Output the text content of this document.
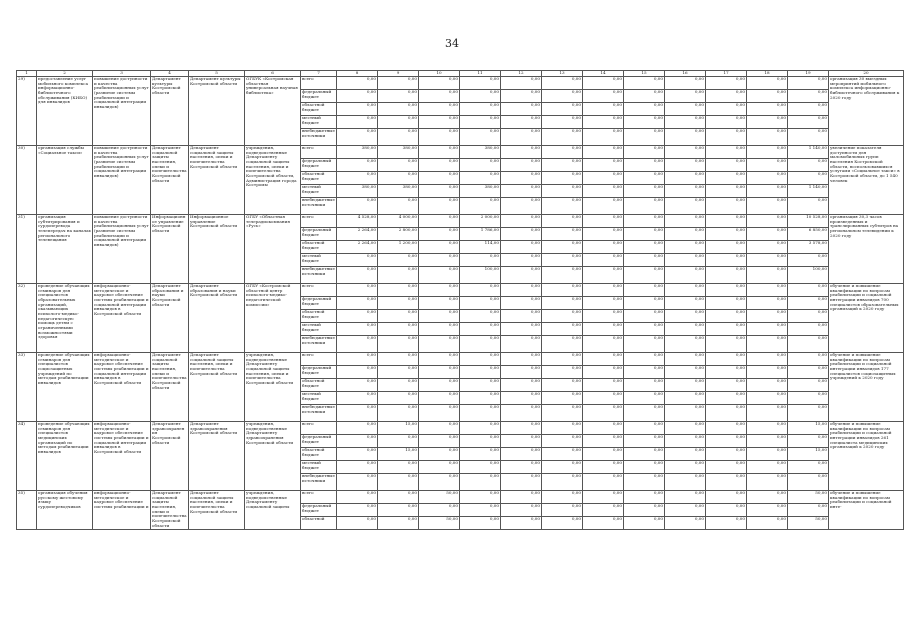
34
1	2	3	4	5	6	7	8	9	10	11	12	13	14	15	16	17	18	19	20
29)	предоставление услуг мобильного комплекса информационно-библиотечного обслуживания (КИБО) для инвалидов	повышение доступности и качества реабилитационных услуг (развитие системы реабилитации и социальной интеграции инвалидов)	Департамент культуры Костромской области	Департамент культуры Костромской области	ОГБУК «Костромская областная универсальная научная библиотека»	всего	0,00	0,00	0,00	0,00	0,00	0,00	0,00	0,00	0,00	0,00	0,00	0,00	организация 30 выездных мероприятий мобильного комплекса информационно-библиотечного обслуживания к 2020 году
						федеральный бюджет	0,00	0,00	0,00	0,00	0,00	0,00	0,00	0,00	0,00	0,00	0,00	0,00	
						областной бюджет	0,00	0,00	0,00	0,00	0,00	0,00	0,00	0,00	0,00	0,00	0,00	0,00	
						местный бюджет	0,00	0,00	0,00	0,00	0,00	0,00	0,00	0,00	0,00	0,00	0,00	0,00	
						внебюджетные источники	0,00	0,00	0,00	0,00	0,00	0,00	0,00	0,00	0,00	0,00	0,00	0,00	
30)	организация службы «Социальное такси»	повышение доступности и качества реабилитационных услуг (развитие системы реабилитации и социальной интеграции инвалидов)	Департамент социальной защиты населения, опеки и попечительства Костромской области	Департамент социальной защиты населения, опеки и попечительства Костромской области	учреждения, подведомственные Департаменту социальной защиты населения, опеки и попечительства Костромской области, Администрация города Костромы	всего	380,00	380,00	0,00	380,00	0,00	0,00	0,00	0,00	0,00	0,00	0,00	1 140,00	увеличение показателя доступности для маломобильных групп населения Костромской области, воспользовавшихся услугами «Социальное такси» в Костромской области, до 1 540 человек
						федеральный бюджет	0,00	0,00	0,00	0,00	0,00	0,00	0,00	0,00	0,00	0,00	0,00	0,00	
						областной бюджет	0,00	0,00	0,00	0,00	0,00	0,00	0,00	0,00	0,00	0,00	0,00	0,00	
						местный бюджет	380,00	380,00	0,00	380,00	0,00	0,00	0,00	0,00	0,00	0,00	0,00	1 140,00	
						внебюджетные источники	0,00	0,00	0,00	0,00	0,00	0,00	0,00	0,00	0,00	0,00	0,00	0,00	
31)	организация субтитрирования и сурдоперевода телепередач на каналах регионального телевещания	повышение доступности и качества реабилитационных услуг (развитие системы реабилитации и социальной интеграции инвалидов)	Информационное управление Костромской области	Информационное управление Костромской области	ОГБУ «Областная телерадиокомпания «Русь»	всего	4 528,00	4 000,00	0,00	2 000,00	0,00	0,00	0,00	0,00	0,00	0,00	0,00	10 528,00	организация 30,3 часов произведенных и транслированных субтитров на региональном телевидении к 2020 году
						федеральный бюджет	2 264,00	2 800,00	0,00	1 786,00	0,00	0,00	0,00	0,00	0,00	0,00	0,00	6 850,00	
						областной бюджет	2 264,00	1 200,00	0,00	114,00	0,00	0,00	0,00	0,00	0,00	0,00	0,00	3 578,00	
						местный бюджет	0,00	0,00	0,00	0,00	0,00	0,00	0,00	0,00	0,00	0,00	0,00	0,00	
						внебюджетные источники	0,00	0,00	0,00	100,00	0,00	0,00	0,00	0,00	0,00	0,00	0,00	100,00	
32)	проведение обучающих семинаров для специалистов образовательных организаций, оказывающих психолого-медико-педагогическую помощь детям с ограниченными возможностями здоровья	информационно-методическое и кадровое обеспечение системы реабилитации и социальной интеграции инвалидов в Костромской области	Департамент образования и науки Костромской области	Департамент образования и науки Костромской области	ОГБУ «Костромской областной центр психолого-медико-педагогической комиссии»	всего	0,00	0,00	0,00	0,00	0,00	0,00	0,00	0,00	0,00	0,00	0,00	0,00	обучение и повышение квалификации по вопросам реабилитации и социальной интеграции инвалидов 700 специалистов образовательных организаций к 2020 году
						федеральный бюджет	0,00	0,00	0,00	0,00	0,00	0,00	0,00	0,00	0,00	0,00	0,00	0,00	
						областной бюджет	0,00	0,00	0,00	0,00	0,00	0,00	0,00	0,00	0,00	0,00	0,00	0,00	
						местный бюджет	0,00	0,00	0,00	0,00	0,00	0,00	0,00	0,00	0,00	0,00	0,00	0,00	
						внебюджетные источники	0,00	0,00	0,00	0,00	0,00	0,00	0,00	0,00	0,00	0,00	0,00	0,00	
33)	проведение обучающих семинаров для специалистов социозащитных учреждений по методам реабилитации инвалидов	информационно-методическое и кадровое обеспечение системы реабилитации и социальной интеграции инвалидов в Костромской области	Департамент социальной защиты населения, опеки и попечительства Костромской области	Департамент социальной защиты населения, опеки и попечительства Костромской области	учреждения, подведомственные Департаменту социальной защиты населения, опеки и попечительства Костромской области	всего	0,00	0,00	0,00	0,00	0,00	0,00	0,00	0,00	0,00	0,00	0,00	0,00	обучение и повышение квалификации по вопросам реабилитации и социальной интеграции инвалидов 177 специалистов социозащитных учреждений к 2020 году
						федеральный бюджет	0,00	0,00	0,00	0,00	0,00	0,00	0,00	0,00	0,00	0,00	0,00	0,00	
						областной бюджет	0,00	0,00	0,00	0,00	0,00	0,00	0,00	0,00	0,00	0,00	0,00	0,00	
						местный бюджет	0,00	0,00	0,00	0,00	0,00	0,00	0,00	0,00	0,00	0,00	0,00	0,00	
						внебюджетные источники	0,00	0,00	0,00	0,00	0,00	0,00	0,00	0,00	0,00	0,00	0,00	0,00	
34)	проведение обучающих семинаров для специалистов медицинских организаций по методам реабилитации инвалидов	информационно-методическое и кадровое обеспечение системы реабилитации и социальной интеграции инвалидов в Костромской области	Департамент здравоохранения Костромской области	Департамент здравоохранения Костромской области	учреждения, подведомственные Департаменту здравоохранения Костромской области	всего	0,00	15,00	0,00	0,00	0,00	0,00	0,00	0,00	0,00	0,00	0,00	15,00	обучение и повышение квалификации по вопросам реабилитации и социальной интеграции инвалидов 261 специалиста медицинских организаций к 2020 году
						федеральный бюджет	0,00	0,00	0,00	0,00	0,00	0,00	0,00	0,00	0,00	0,00	0,00	0,00	
						областной бюджет	0,00	15,00	0,00	0,00	0,00	0,00	0,00	0,00	0,00	0,00	0,00	15,00	
						местный бюджет	0,00	0,00	0,00	0,00	0,00	0,00	0,00	0,00	0,00	0,00	0,00	0,00	
						внебюджетные источники	0,00	0,00	0,00	0,00	0,00	0,00	0,00	0,00	0,00	0,00	0,00	0,00	
35)	организация обучения русскому жестовому языку сурдопереводчиков	информационно-методическое и кадровое обеспечение системы реабилитации и	Департамент социальной защиты населения, опеки и попечительства Костромской области	Департамент социальной защиты населения, опеки и попечительства Костромской области	учреждения, подведомственные Департаменту социальной защиты	всего	0,00	0,00	50,00	0,00	0,00	0,00	0,00	0,00	0,00	0,00	0,00	50,00	обучение и повышение квалификации по вопросам реабилитации и социальной инте-
						федеральный бюджет	0,00	0,00	0,00	0,00	0,00	0,00	0,00	0,00	0,00	0,00	0,00	0,00	
						областной	0,00	0,00	50,00	0,00	0,00	0,00	0,00	0,00	0,00	0,00	0,00	50,00	
